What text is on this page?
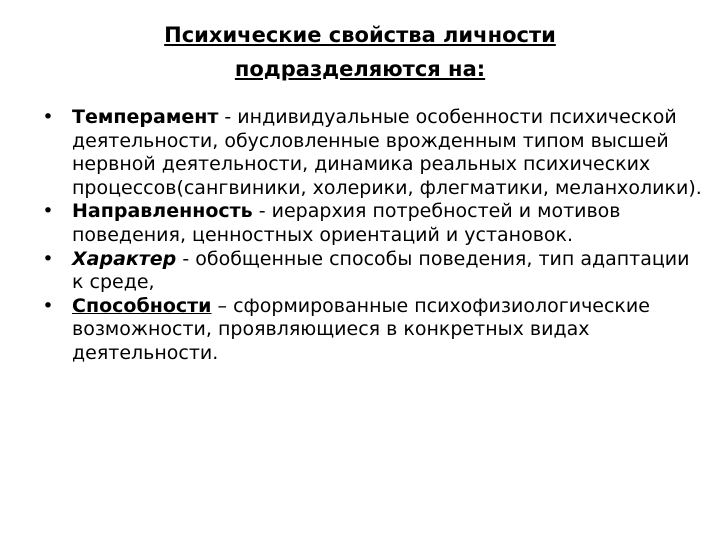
Психические свойства личности
подразделяются на:
• Темперамент - индивидуальные особенности психической деятельности, обусловленные врожденным типом высшей нервной деятельности, динамика реальных психических процессов(сангвиники, холерики, флегматики, меланхолики).
• Направленность - иерархия потребностей и мотивов поведения, ценностных ориентаций и установок.
• Характер - обобщенные способы поведения, тип адаптации к среде,
• Способности – сформированные психофизиологические возможности, проявляющиеся в конкретных видах деятельности.
